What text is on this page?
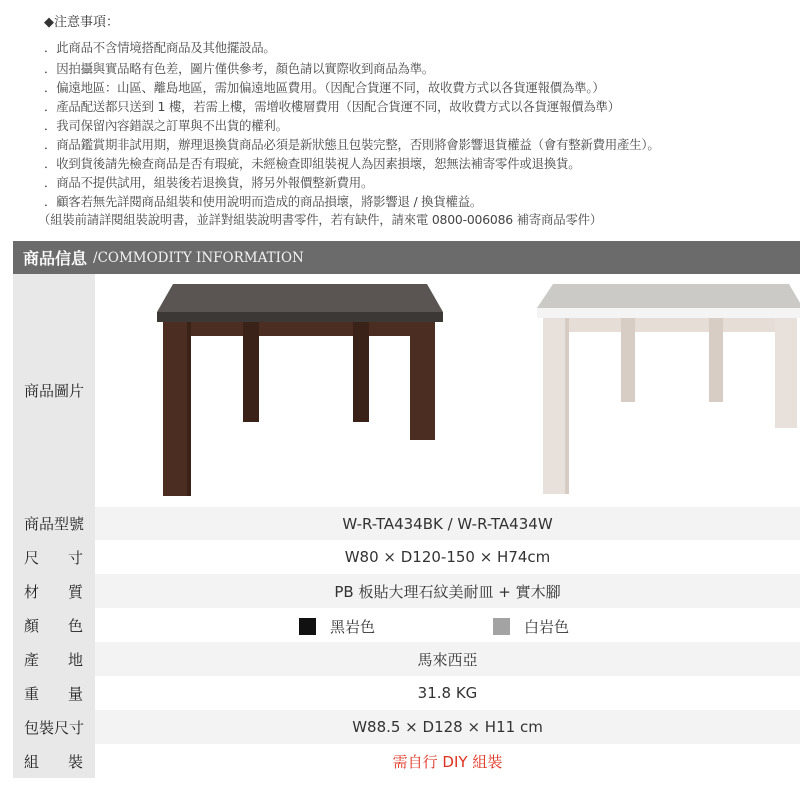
◆注意事項：
．此商品不含情境搭配商品及其他擺設品。
．因拍攝與實品略有色差，圖片僅供參考，顏色請以實際收到商品為準。
．偏遠地區：山區、離島地區，需加偏遠地區費用。（因配合貨運不同，故收費方式以各貨運報價為準。）
．產品配送都只送到 1 樓，若需上樓，需增收樓層費用（因配合貨運不同，故收費方式以各貨運報價為準）
．我司保留內容錯誤之訂單與不出貨的權利。
．商品鑑賞期非試用期，辦理退換貨商品必須是新狀態且包裝完整，否則將會影響退貨權益（會有整新費用產生）。
．收到貨後請先檢查商品是否有瑕疵，未經檢查即組裝視人為因素損壞，恕無法補寄零件或退換貨。
．商品不提供試用，組裝後若退換貨，將另外報價整新費用。
．顧客若無先詳閱商品組裝和使用說明而造成的商品損壞，將影響退 / 換貨權益。
（組裝前請詳閱組裝說明書，並詳對組裝說明書零件，若有缺件，請來電 0800-006086 補寄商品零件）
商品信息 /COMMODITY INFORMATION
商品圖片
商品型號	W-R-TA434BK / W-R-TA434W
尺 寸	W80 × D120-150 × H74cm
材 質	PB 板貼大理石紋美耐皿 + 實木腳
顏 色	黑岩色	白岩色
產 地	馬來西亞
重 量	31.8 KG
包裝尺寸	W88.5 × D128 × H11 cm
組 裝	需自行 DIY 組裝
